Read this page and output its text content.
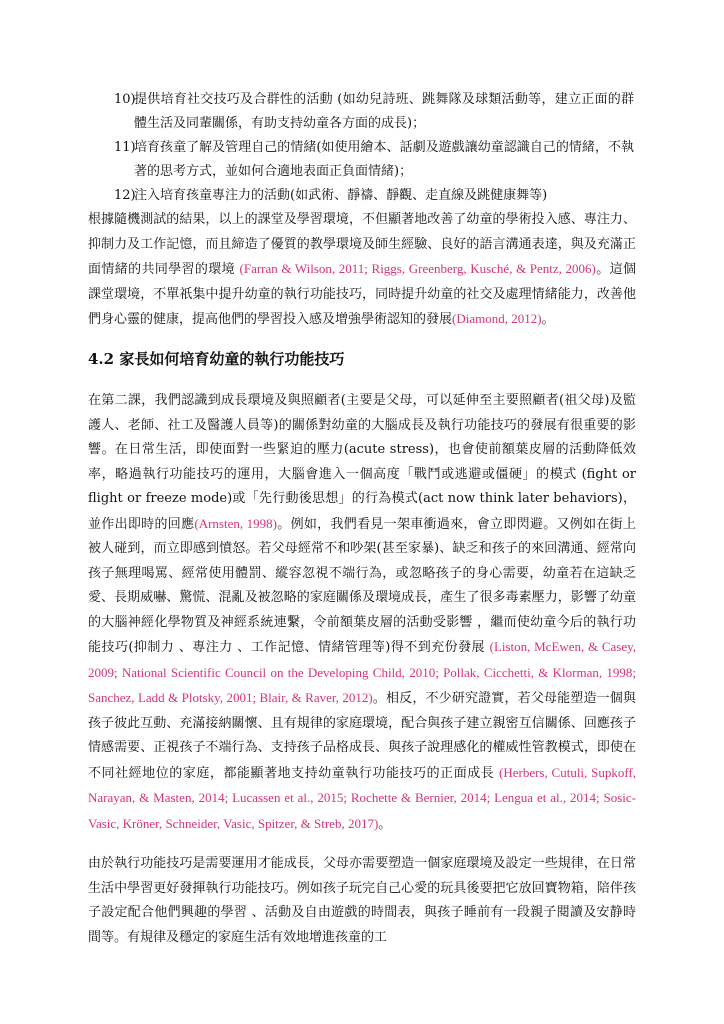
10)
提供培育社交技巧及合群性的活動 (如幼兒詩班、跳舞隊及球類活動等，建立正面的群體生活及同輩關係，有助支持幼童各方面的成長)；
11)
培育孩童了解及管理自己的情緒(如使用繪本、話劇及遊戲讓幼童認識自己的情緒，不執著的思考方式，並如何合適地表面正負面情緒)；
12)
注入培育孩童專注力的活動(如武術、靜禱、靜觀、走直線及跳健康舞等)

根據隨機測試的結果，以上的課堂及學習環境，不但顯著地改善了幼童的學術投入感、專注力、抑制力及工作記憶，而且締造了優質的教學環境及師生經驗、良好的語言溝通表達，與及充滿正面情緒的共同學習的環境 (Farran & Wilson, 2011; Riggs, Greenberg, Kusché, & Pentz, 2006)。這個課堂環境，不單祇集中提升幼童的執行功能技巧，同時提升幼童的社交及處理情緒能力，改善他們身心靈的健康，提高他們的學習投入感及增強學術認知的發展(Diamond, 2012)。

4.2 家長如何培育幼童的執行功能技巧

在第二課，我們認識到成長環境及與照顧者(主要是父母，可以延伸至主要照顧者(祖父母)及監護人、老師、社工及醫護人員等)的關係對幼童的大腦成長及執行功能技巧的發展有很重要的影響。在日常生活，即使面對一些緊迫的壓力(acute stress)，也會使前額葉皮層的活動降低效率，略過執行功能技巧的運用，大腦會進入一個高度「戰鬥或逃避或僵硬」的模式 (fight or flight or freeze mode)或「先行動後思想」的行為模式(act now think later behaviors)，並作出即時的回應(Arnsten, 1998)。例如，我們看見一架車衝過來，會立即閃避。又例如在街上被人碰到，而立即感到憤怒。若父母經常不和吵架(甚至家暴)、缺乏和孩子的來回溝通、經常向孩子無理喝罵、經常使用體罰、縱容忽視不端行為，或忽略孩子的身心需要，幼童若在這缺乏愛、長期威嚇、驚慌、混亂及被忽略的家庭關係及環境成長，產生了很多毒素壓力，影響了幼童的大腦神經化學物質及神經系統連繫，令前額葉皮層的活動受影響 ，繼而使幼童今后的執行功能技巧(抑制力 、專注力 、工作記憶、情緒管理等)得不到充份發展 (Liston, McEwen, & Casey, 2009; National Scientific Council on the Developing Child, 2010; Pollak, Cicchetti, & Klorman, 1998; Sanchez, Ladd & Plotsky, 2001; Blair, & Raver, 2012)。相反，不少研究證實，若父母能塑造一個與孩子彼此互動、充滿接納關懷、且有規律的家庭環境，配合與孩子建立親密互信關係、回應孩子情感需要、正視孩子不端行為、支持孩子品格成長、與孩子說理感化的權威性管教模式，即使在不同社經地位的家庭，都能顯著地支持幼童執行功能技巧的正面成長 (Herbers, Cutuli, Supkoff, Narayan, & Masten, 2014; Lucassen et al., 2015; Rochette & Bernier, 2014; Lengua et al., 2014; Sosic-Vasic, Kröner, Schneider, Vasic, Spitzer, & Streb, 2017)。

由於執行功能技巧是需要運用才能成長，父母亦需要塑造一個家庭環境及設定一些規律，在日常生活中學習更好發揮執行功能技巧。例如孩子玩完自己心愛的玩具後要把它放回寶物箱，陪伴孩子設定配合他們興趣的學習 、活動及自由遊戲的時間表，與孩子睡前有一段親子閱讀及安静時間等。有規律及穩定的家庭生活有效地增進孩童的工
